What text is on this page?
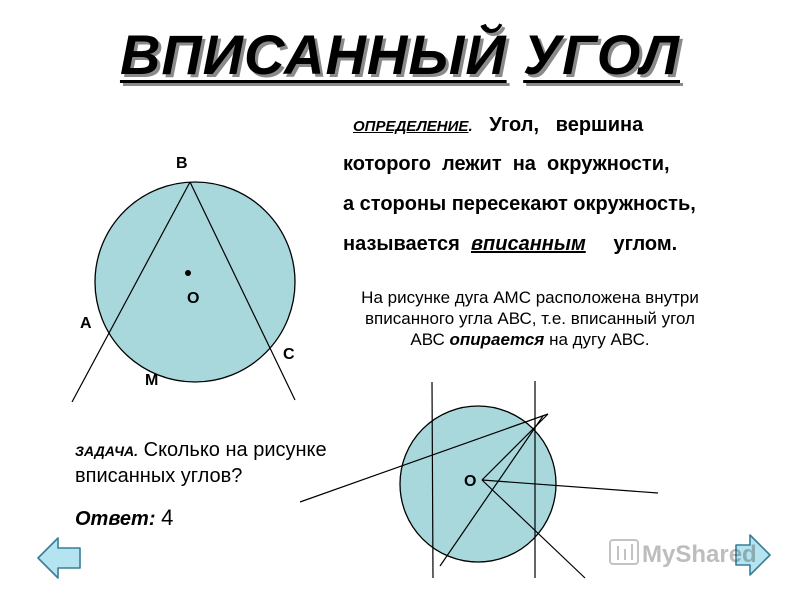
ВПИСАННЫЙ УГОЛ
MyShared
B
O
A
C
M
O
ОПРЕДЕЛЕНИЕ. Угол,   вершина
которого  лежит  на  окружности,
а стороны пересекают окружность,
называется вписанным углом.
На рисунке дуга АМС расположена внутри вписанного угла АВС, т.е. вписанный угол АВС опирается на дугу АВС.
ЗАДАЧА. Сколько на рисунке вписанных углов?
Ответ: 4
